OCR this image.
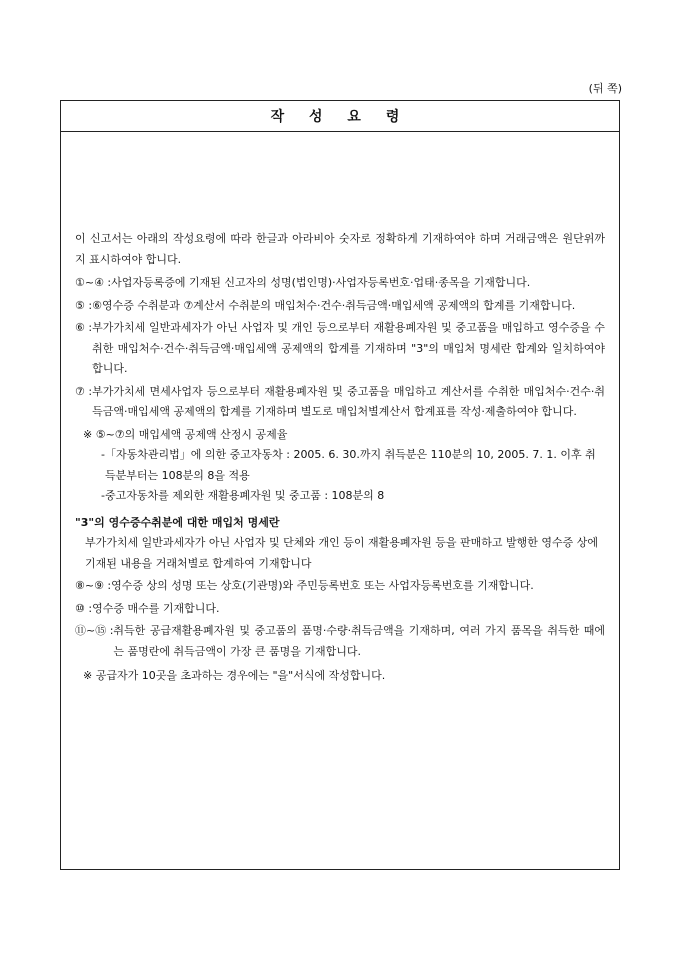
(뒤 쪽)
작 성 요 령

이 신고서는 아래의 작성요령에 따라 한글과 아라비아 숫자로 정확하게 기재하여야 하며 거래금액은 원단위까지 표시하여야 합니다.

①~④ : 사업자등록증에 기재된 신고자의 성명(법인명)·사업자등록번호·업태·종목을 기재합니다.
⑤ : ⑥영수증 수취분과 ⑦계산서 수취분의 매입처수·건수·취득금액·매입세액 공제액의 합계를 기재합니다.
⑥ : 부가가치세 일반과세자가 아닌 사업자 및 개인 등으로부터 재활용폐자원 및 중고품을 매입하고 영수증을 수취한 매입처수·건수·취득금액·매입세액 공제액의 합계를 기재하며 "3"의 매입처 명세란 합계와 일치하여야 합니다.
⑦ : 부가가치세 면세사업자 등으로부터 재활용폐자원 및 중고품을 매입하고 계산서를 수취한 매입처수·건수·취득금액·매입세액 공제액의 합계를 기재하며 별도로 매입처별계산서 합계표를 작성·제출하여야 합니다.

※ ⑤~⑦의 매입세액 공제액 산정시 공제율

- 「자동차관리법」에 의한 중고자동차 : 2005. 6. 30.까지 취득분은 110분의 10, 2005. 7. 1. 이후 취득분부터는 108분의 8을 적용
- 중고자동차를 제외한 재활용폐자원 및 중고품 : 108분의 8

"3"의 영수증수취분에 대한 매입처 명세란

부가가치세 일반과세자가 아닌 사업자 및 단체와 개인 등이 재활용폐자원 등을 판매하고 발행한 영수증 상에 기재된 내용을 거래처별로 합계하여 기재합니다

⑧~⑨ : 영수증 상의 성명 또는 상호(기관명)와 주민등록번호 또는 사업자등록번호를 기재합니다.
⑩ : 영수증 매수를 기재합니다.
⑪~⑮ : 취득한 공급재활용폐자원 및 중고품의 품명·수량·취득금액을 기재하며, 여러 가지 품목을 취득한 때에는 품명란에 취득금액이 가장 큰 품명을 기재합니다.

※ 공급자가 10곳을 초과하는 경우에는 "을"서식에 작성합니다.
